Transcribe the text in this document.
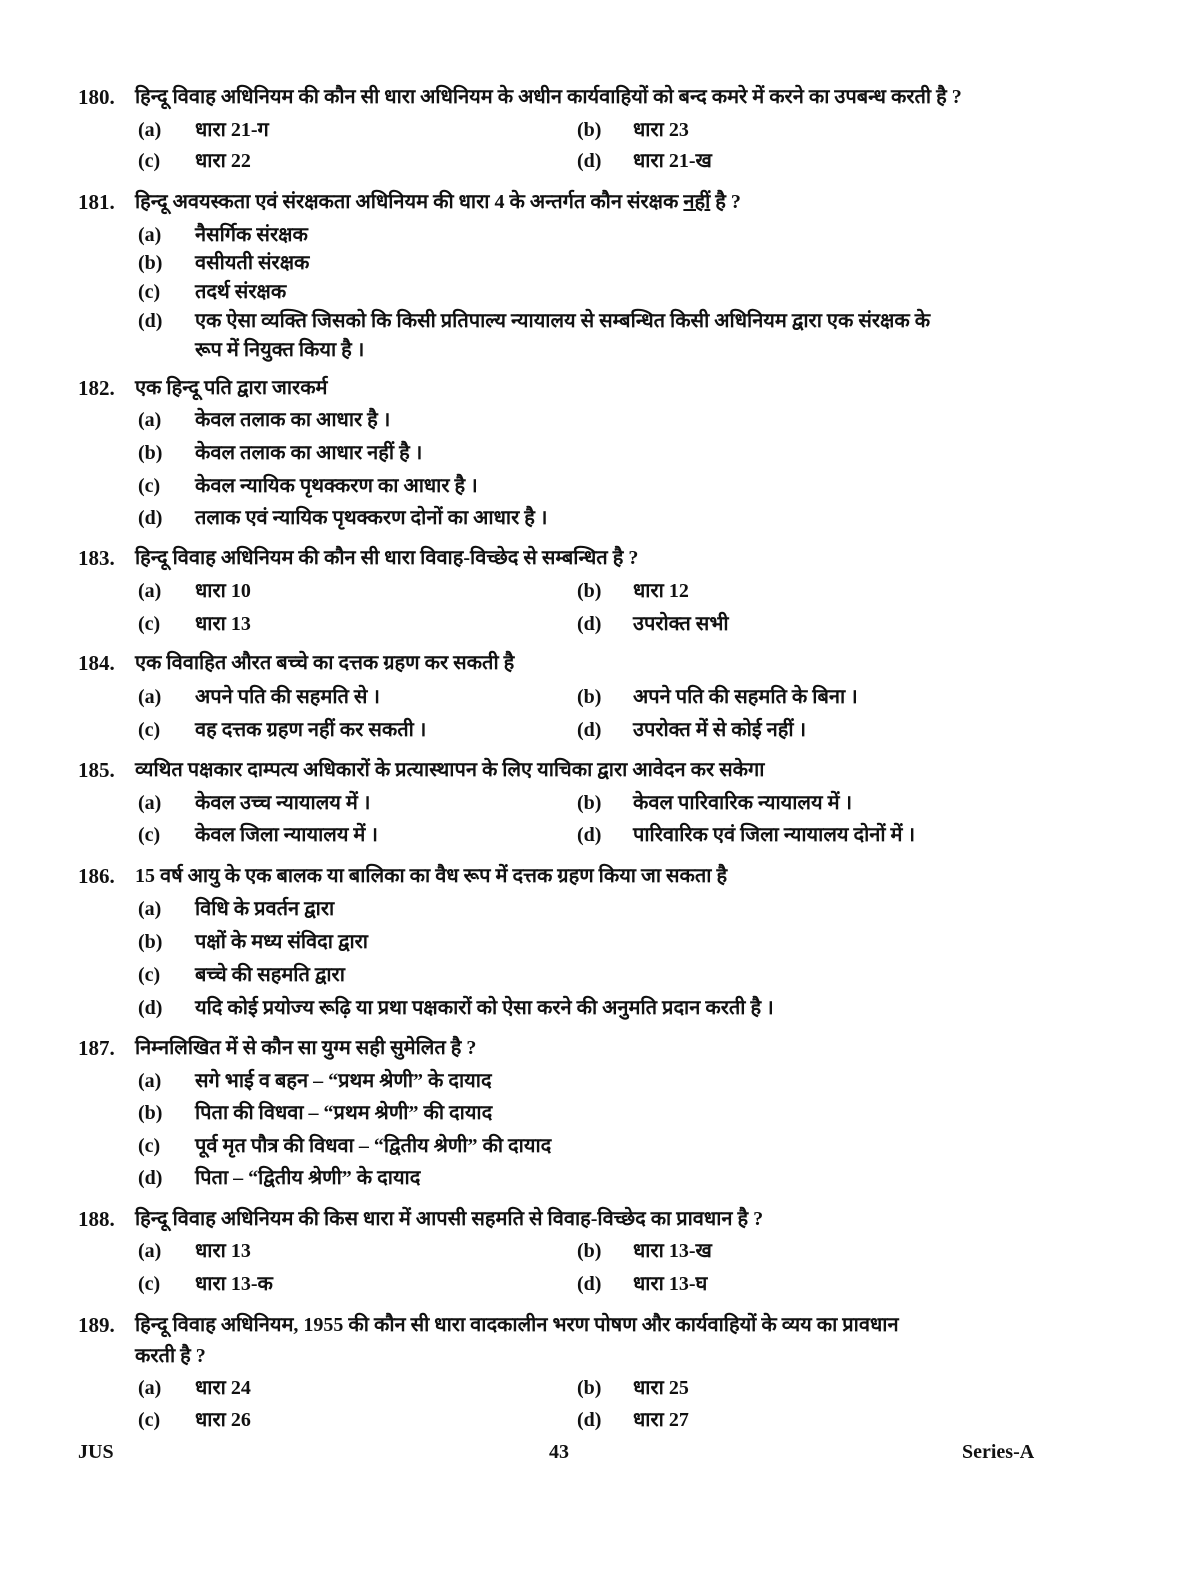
180. हिन्दू विवाह अधिनियम की कौन सी धारा अधिनियम के अधीन कार्यवाहियों को बन्द कमरे में करने का उपबन्ध करती है ?
(a) धारा 21-ग	(b) धारा 23
(c) धारा 22	(d) धारा 21-ख
181. हिन्दू अवयस्कता एवं संरक्षकता अधिनियम की धारा 4 के अन्तर्गत कौन संरक्षक नहीं है ?
(a) नैसर्गिक संरक्षक
(b) वसीयती संरक्षक
(c) तदर्थ संरक्षक
(d) एक ऐसा व्यक्ति जिसको कि किसी प्रतिपाल्य न्यायालय से सम्बन्धित किसी अधिनियम द्वारा एक संरक्षक के
रूप में नियुक्त किया है ।
182. एक हिन्दू पति द्वारा जारकर्म
(a) केवल तलाक का आधार है ।
(b) केवल तलाक का आधार नहीं है ।
(c) केवल न्यायिक पृथक्करण का आधार है ।
(d) तलाक एवं न्यायिक पृथक्करण दोनों का आधार है ।
183. हिन्दू विवाह अधिनियम की कौन सी धारा विवाह-विच्छेद से सम्बन्धित है ?
(a) धारा 10	(b) धारा 12
(c) धारा 13	(d) उपरोक्त सभी
184. एक विवाहित औरत बच्चे का दत्तक ग्रहण कर सकती है
(a) अपने पति की सहमति से ।	(b) अपने पति की सहमति के बिना ।
(c) वह दत्तक ग्रहण नहीं कर सकती ।	(d) उपरोक्त में से कोई नहीं ।
185. व्यथित पक्षकार दाम्पत्य अधिकारों के प्रत्यास्थापन के लिए याचिका द्वारा आवेदन कर सकेगा
(a) केवल उच्च न्यायालय में ।	(b) केवल पारिवारिक न्यायालय में ।
(c) केवल जिला न्यायालय में ।	(d) पारिवारिक एवं जिला न्यायालय दोनों में ।
186. 15 वर्ष आयु के एक बालक या बालिका का वैध रूप में दत्तक ग्रहण किया जा सकता है
(a) विधि के प्रवर्तन द्वारा
(b) पक्षों के मध्य संविदा द्वारा
(c) बच्चे की सहमति द्वारा
(d) यदि कोई प्रयोज्य रूढ़ि या प्रथा पक्षकारों को ऐसा करने की अनुमति प्रदान करती है ।
187. निम्नलिखित में से कौन सा युग्म सही सुमेलित है ?
(a) सगे भाई व बहन – “प्रथम श्रेणी” के दायाद
(b) पिता की विधवा – “प्रथम श्रेणी” की दायाद
(c) पूर्व मृत पौत्र की विधवा – “द्वितीय श्रेणी” की दायाद
(d) पिता – “द्वितीय श्रेणी” के दायाद
188. हिन्दू विवाह अधिनियम की किस धारा में आपसी सहमति से विवाह-विच्छेद का प्रावधान है ?
(a) धारा 13	(b) धारा 13-ख
(c) धारा 13-क	(d) धारा 13-घ
189. हिन्दू विवाह अधिनियम, 1955 की कौन सी धारा वादकालीन भरण पोषण और कार्यवाहियों के व्यय का प्रावधान
करती है ?
(a) धारा 24	(b) धारा 25
(c) धारा 26	(d) धारा 27
JUS	43	Series-A
